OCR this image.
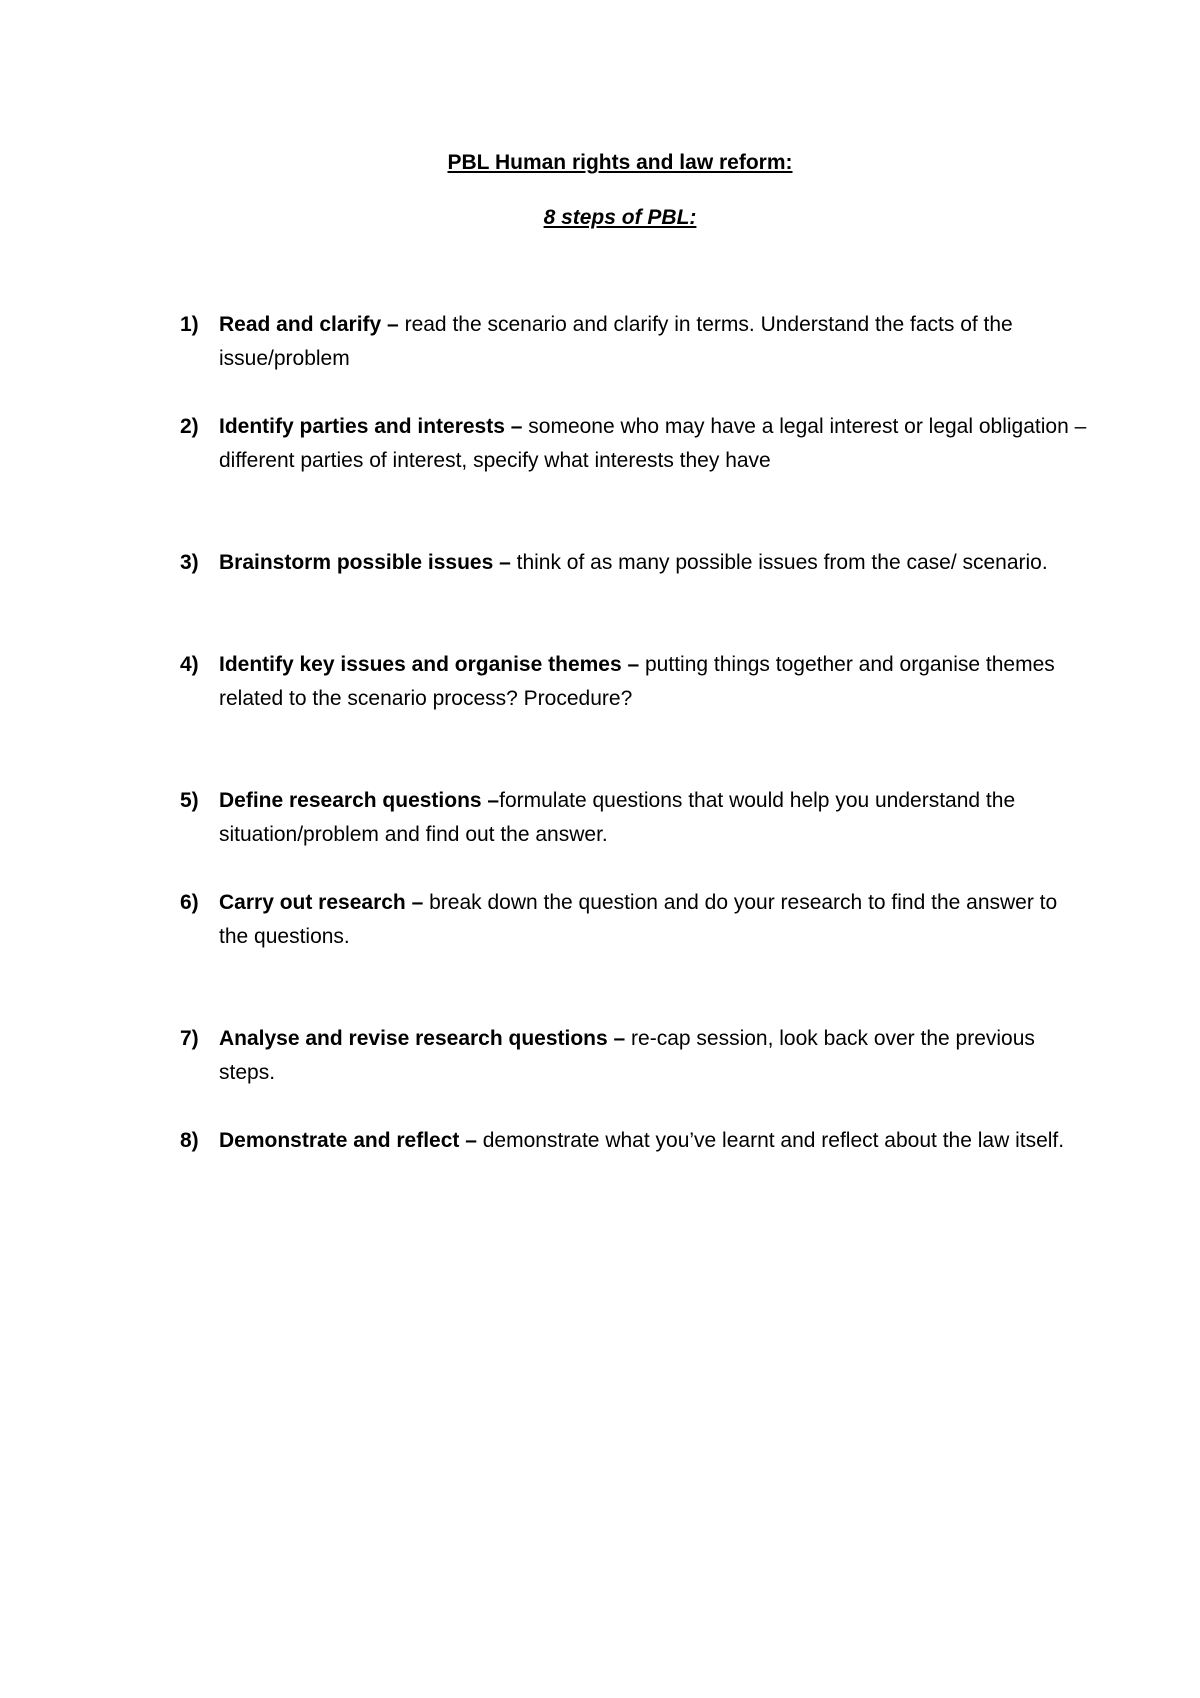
PBL Human rights and law reform:
8 steps of PBL:
1) Read and clarify – read the scenario and clarify in terms. Understand the facts of the issue/problem
2) Identify parties and interests – someone who may have a legal interest or legal obligation – different parties of interest, specify what interests they have
3) Brainstorm possible issues – think of as many possible issues from the case/ scenario.
4) Identify key issues and organise themes – putting things together and organise themes related to the scenario process? Procedure?
5) Define research questions –formulate questions that would help you understand the situation/problem and find out the answer.
6) Carry out research – break down the question and do your research to find the answer to the questions.
7) Analyse and revise research questions – re-cap session, look back over the previous steps.
8) Demonstrate and reflect – demonstrate what you’ve learnt and reflect about the law itself.
